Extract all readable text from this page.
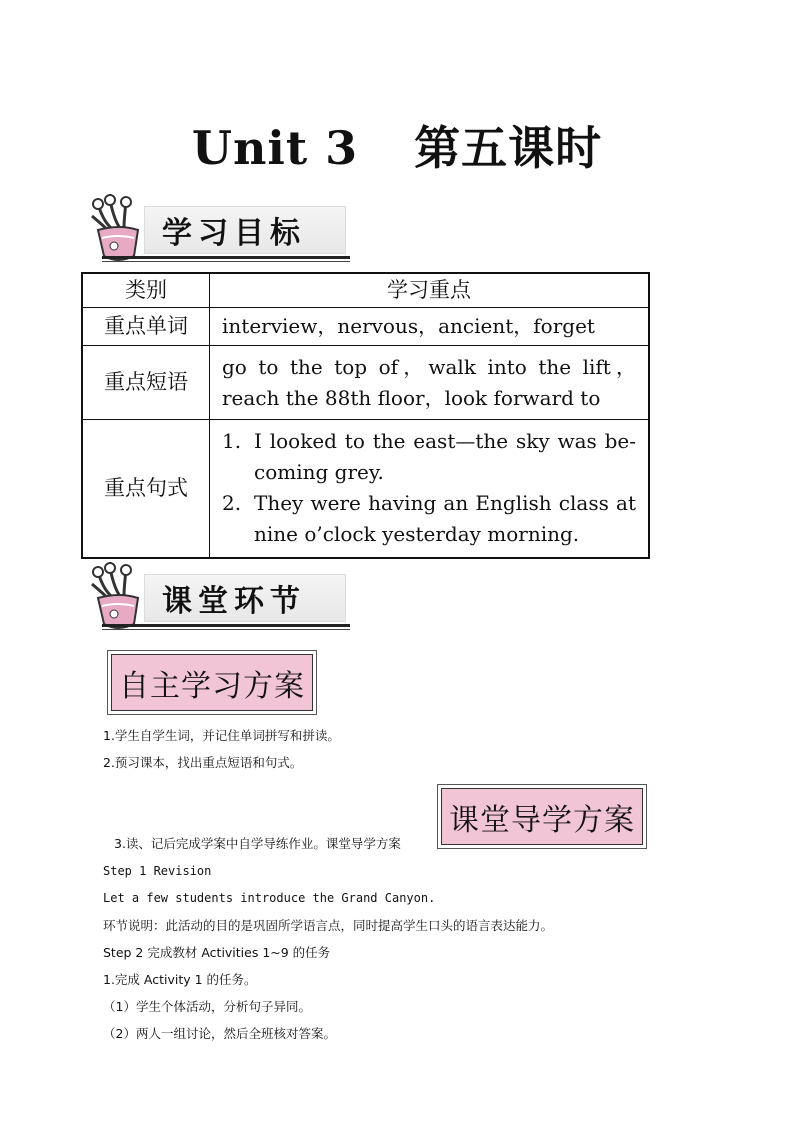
Unit 3 第五课时
学习目标
类别	学习重点
重点单词	interview，nervous，ancient，forget
重点短语	go to the top of，walk into the lift，reach the 88th floor，look forward to
重点句式	1. I looked to the east—the sky was be-coming grey.
2. They were having an English class at nine o’clock yesterday morning.
课堂环节
自主学习方案
1.学生自学生词，并记住单词拼写和拼读。
2.预习课本，找出重点短语和句式。
课堂导学方案
3.读、记后完成学案中自学导练作业。课堂导学方案
Step 1 Revision
Let a few students introduce the Grand Canyon.
环节说明：此活动的目的是巩固所学语言点，同时提高学生口头的语言表达能力。
Step 2 完成教材 Activities 1~9 的任务
1.完成 Activity 1 的任务。
（1）学生个体活动，分析句子异同。
（2）两人一组讨论，然后全班核对答案。
